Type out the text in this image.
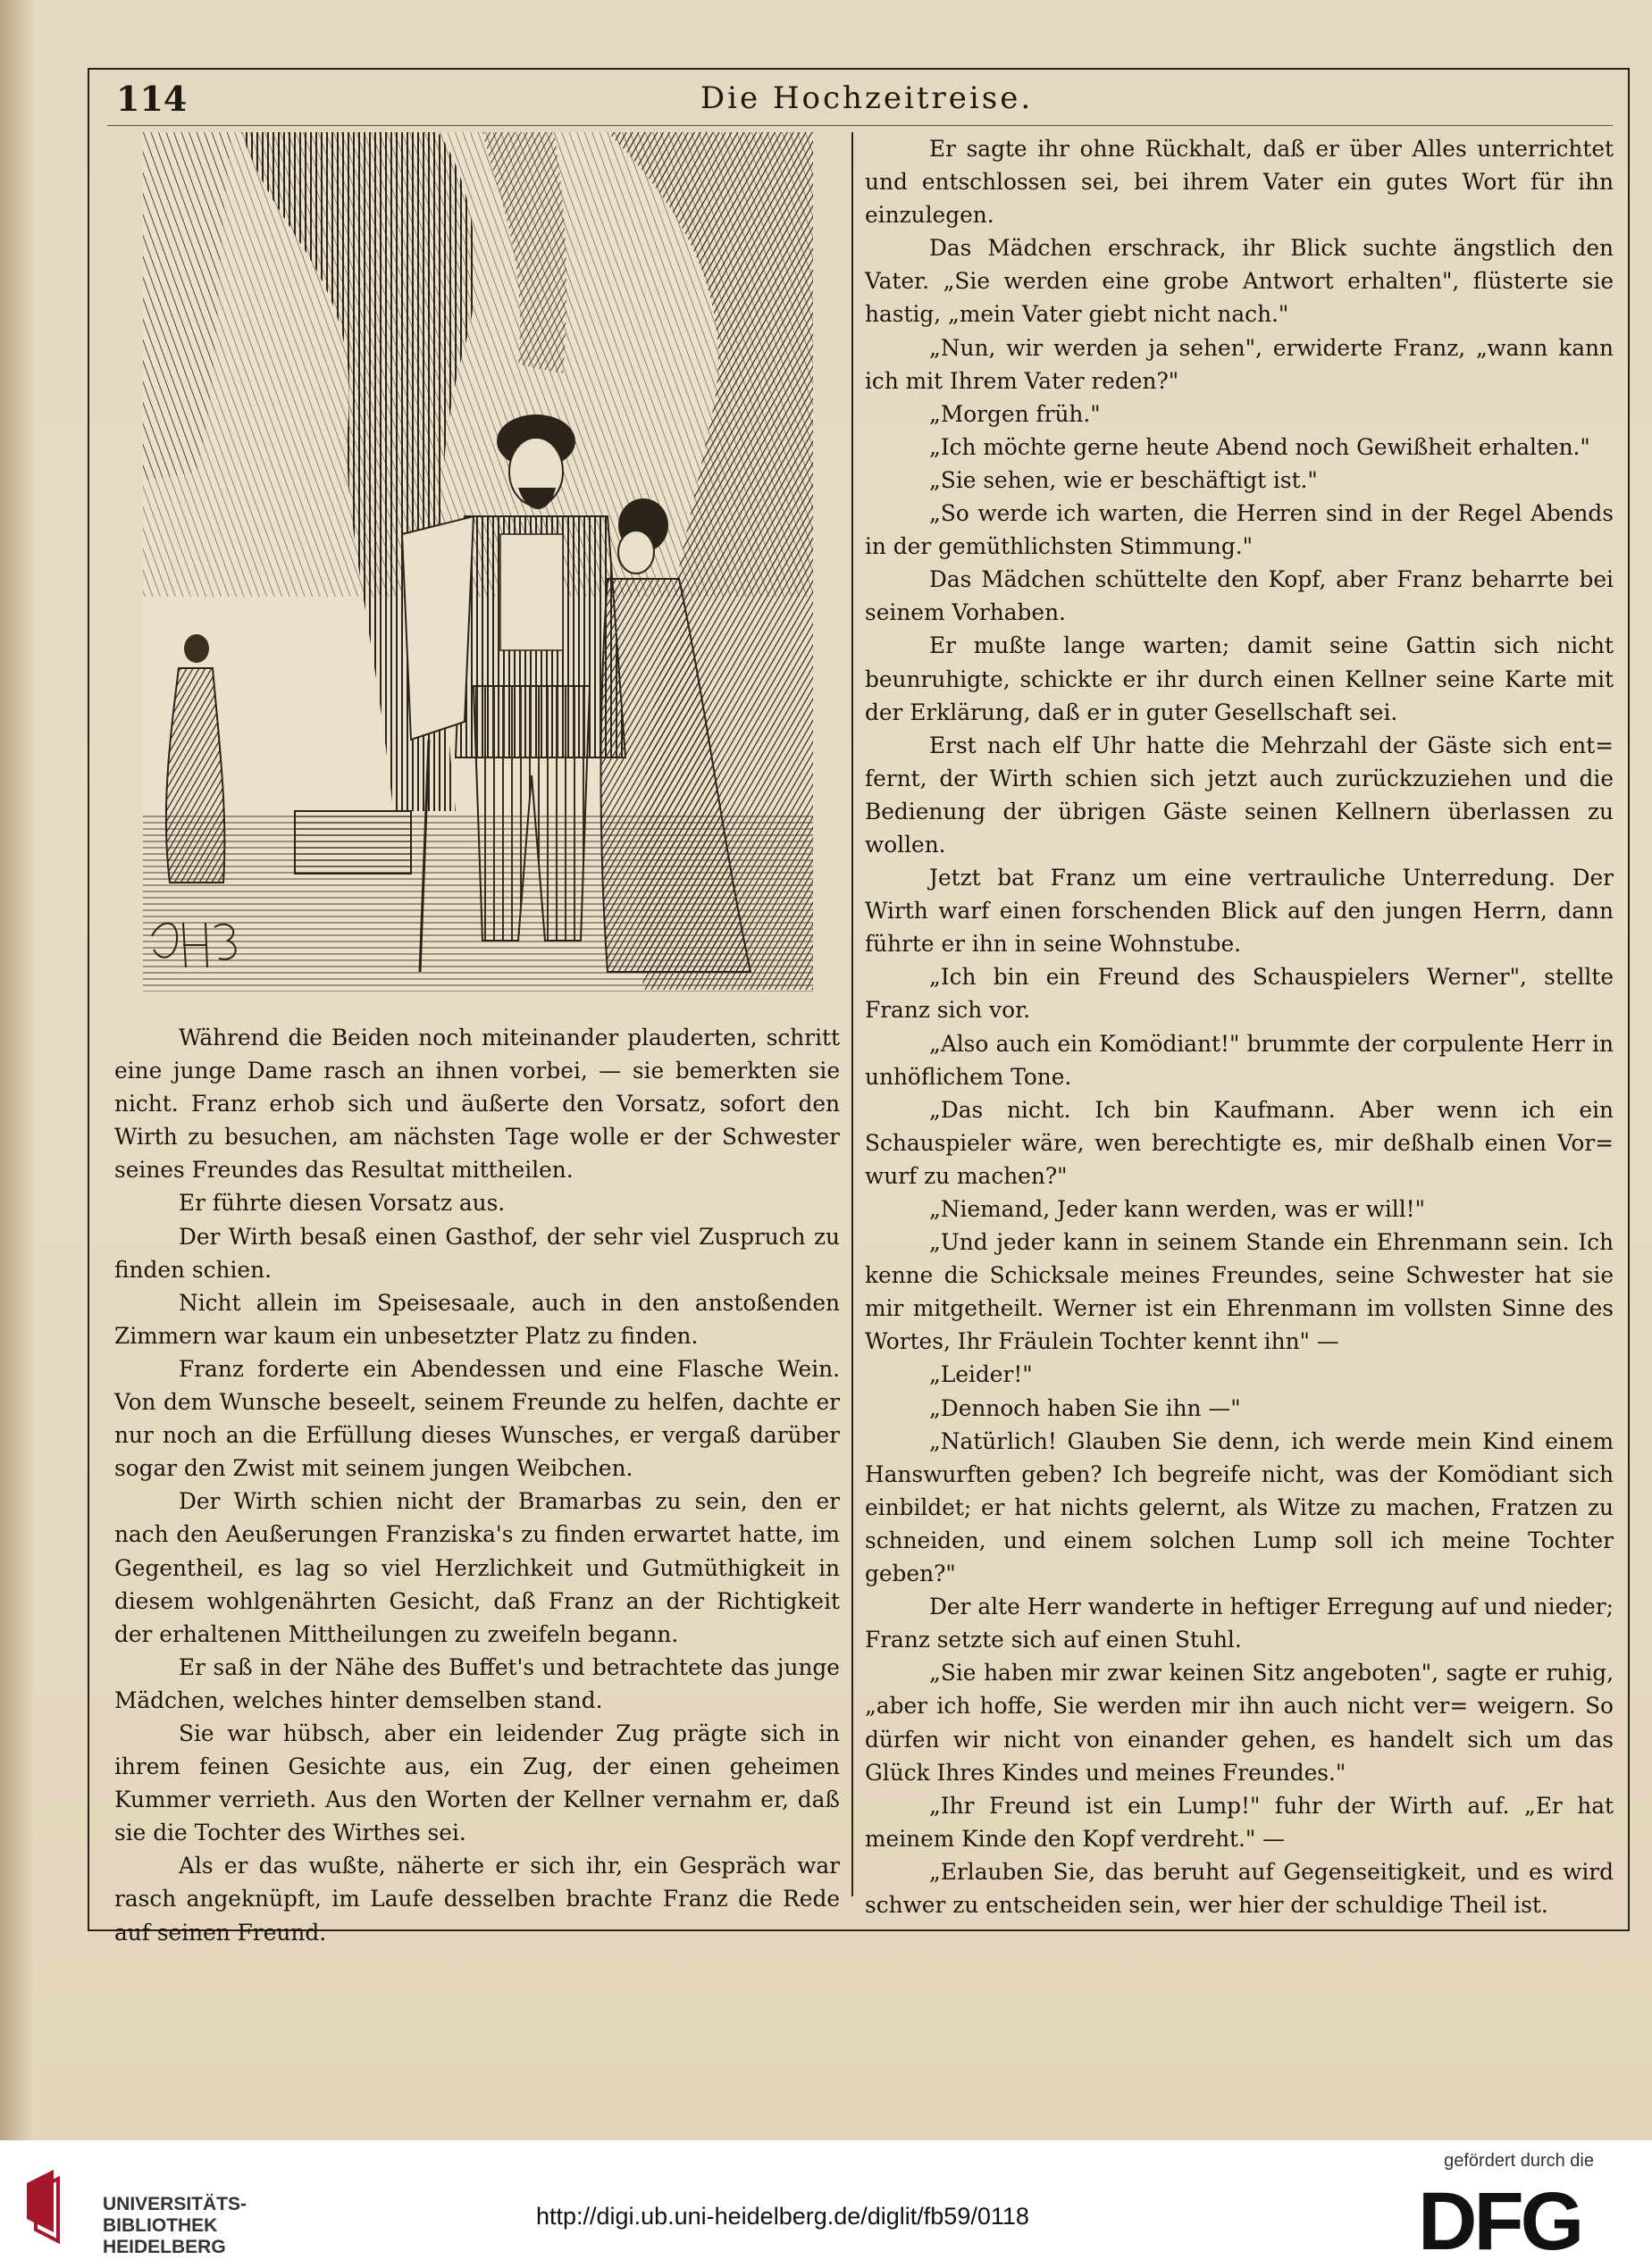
114	Die Hochzeitreise.

Während die Beiden noch miteinander plauderten, schritt eine junge Dame rasch an ihnen vorbei, — sie bemerkten sie nicht. Franz erhob sich und äußerte den Vorsatz, sofort den Wirth zu besuchen, am nächsten Tage wolle er der Schwester seines Freundes das Resultat mittheilen.

Er führte diesen Vorsatz aus.

Der Wirth besaß einen Gasthof, der sehr viel Zuspruch zu finden schien.

Nicht allein im Speisesaale, auch in den anstoßenden Zimmern war kaum ein unbesetzter Platz zu finden.

Franz forderte ein Abendessen und eine Flasche Wein. Von dem Wunsche beseelt, seinem Freunde zu helfen, dachte er nur noch an die Erfüllung dieses Wunsches, er vergaß darüber sogar den Zwist mit seinem jungen Weibchen.

Der Wirth schien nicht der Bramarbas zu sein, den er nach den Aeußerungen Franziska's zu finden erwartet hatte, im Gegentheil, es lag so viel Herzlichkeit und Gutmüthigkeit in diesem wohlgenährten Gesicht, daß Franz an der Richtigkeit der erhaltenen Mittheilungen zu zweifeln begann.

Er saß in der Nähe des Buffet's und betrachtete das junge Mädchen, welches hinter demselben stand.

Sie war hübsch, aber ein leidender Zug prägte sich in ihrem feinen Gesichte aus, ein Zug, der einen geheimen Kummer verrieth. Aus den Worten der Kellner vernahm er, daß sie die Tochter des Wirthes sei.

Als er das wußte, näherte er sich ihr, ein Gespräch war rasch angeknüpft, im Laufe desselben brachte Franz die Rede auf seinen Freund.

Er sagte ihr ohne Rückhalt, daß er über Alles unterrichtet und entschlossen sei, bei ihrem Vater ein gutes Wort für ihn einzulegen.

Das Mädchen erschrack, ihr Blick suchte ängstlich den Vater. „Sie werden eine grobe Antwort erhalten", flüsterte sie hastig, „mein Vater giebt nicht nach."

„Nun, wir werden ja sehen", erwiderte Franz, „wann kann ich mit Ihrem Vater reden?"

„Morgen früh."

„Ich möchte gerne heute Abend noch Gewißheit erhalten."

„Sie sehen, wie er beschäftigt ist."

„So werde ich warten, die Herren sind in der Regel Abends in der gemüthlichsten Stimmung."

Das Mädchen schüttelte den Kopf, aber Franz beharrte bei seinem Vorhaben.

Er mußte lange warten; damit seine Gattin sich nicht beunruhigte, schickte er ihr durch einen Kellner seine Karte mit der Erklärung, daß er in guter Gesellschaft sei.

Erst nach elf Uhr hatte die Mehrzahl der Gäste sich ent= fernt, der Wirth schien sich jetzt auch zurückzuziehen und die Bedienung der übrigen Gäste seinen Kellnern überlassen zu wollen.

Jetzt bat Franz um eine vertrauliche Unterredung. Der Wirth warf einen forschenden Blick auf den jungen Herrn, dann führte er ihn in seine Wohnstube.

„Ich bin ein Freund des Schauspielers Werner", stellte Franz sich vor.

„Also auch ein Komödiant!" brummte der corpulente Herr in unhöflichem Tone.

„Das nicht. Ich bin Kaufmann. Aber wenn ich ein Schauspieler wäre, wen berechtigte es, mir deßhalb einen Vor= wurf zu machen?"

„Niemand, Jeder kann werden, was er will!"

„Und jeder kann in seinem Stande ein Ehrenmann sein. Ich kenne die Schicksale meines Freundes, seine Schwester hat sie mir mitgetheilt. Werner ist ein Ehrenmann im vollsten Sinne des Wortes, Ihr Fräulein Tochter kennt ihn" —

„Leider!"

„Dennoch haben Sie ihn —"

„Natürlich! Glauben Sie denn, ich werde mein Kind einem Hanswurften geben? Ich begreife nicht, was der Komödiant sich einbildet; er hat nichts gelernt, als Witze zu machen, Fratzen zu schneiden, und einem solchen Lump soll ich meine Tochter geben?"

Der alte Herr wanderte in heftiger Erregung auf und nieder; Franz setzte sich auf einen Stuhl.

„Sie haben mir zwar keinen Sitz angeboten", sagte er ruhig, „aber ich hoffe, Sie werden mir ihn auch nicht ver= weigern. So dürfen wir nicht von einander gehen, es handelt sich um das Glück Ihres Kindes und meines Freundes."

„Ihr Freund ist ein Lump!" fuhr der Wirth auf. „Er hat meinem Kinde den Kopf verdreht." —

„Erlauben Sie, das beruht auf Gegenseitigkeit, und es wird schwer zu entscheiden sein, wer hier der schuldige Theil ist.

UNIVERSITÄTS-
BIBLIOTHEK
HEIDELBERG
http://digi.ub.uni-heidelberg.de/diglit/fb59/0118
gefördert durch die
DFG
